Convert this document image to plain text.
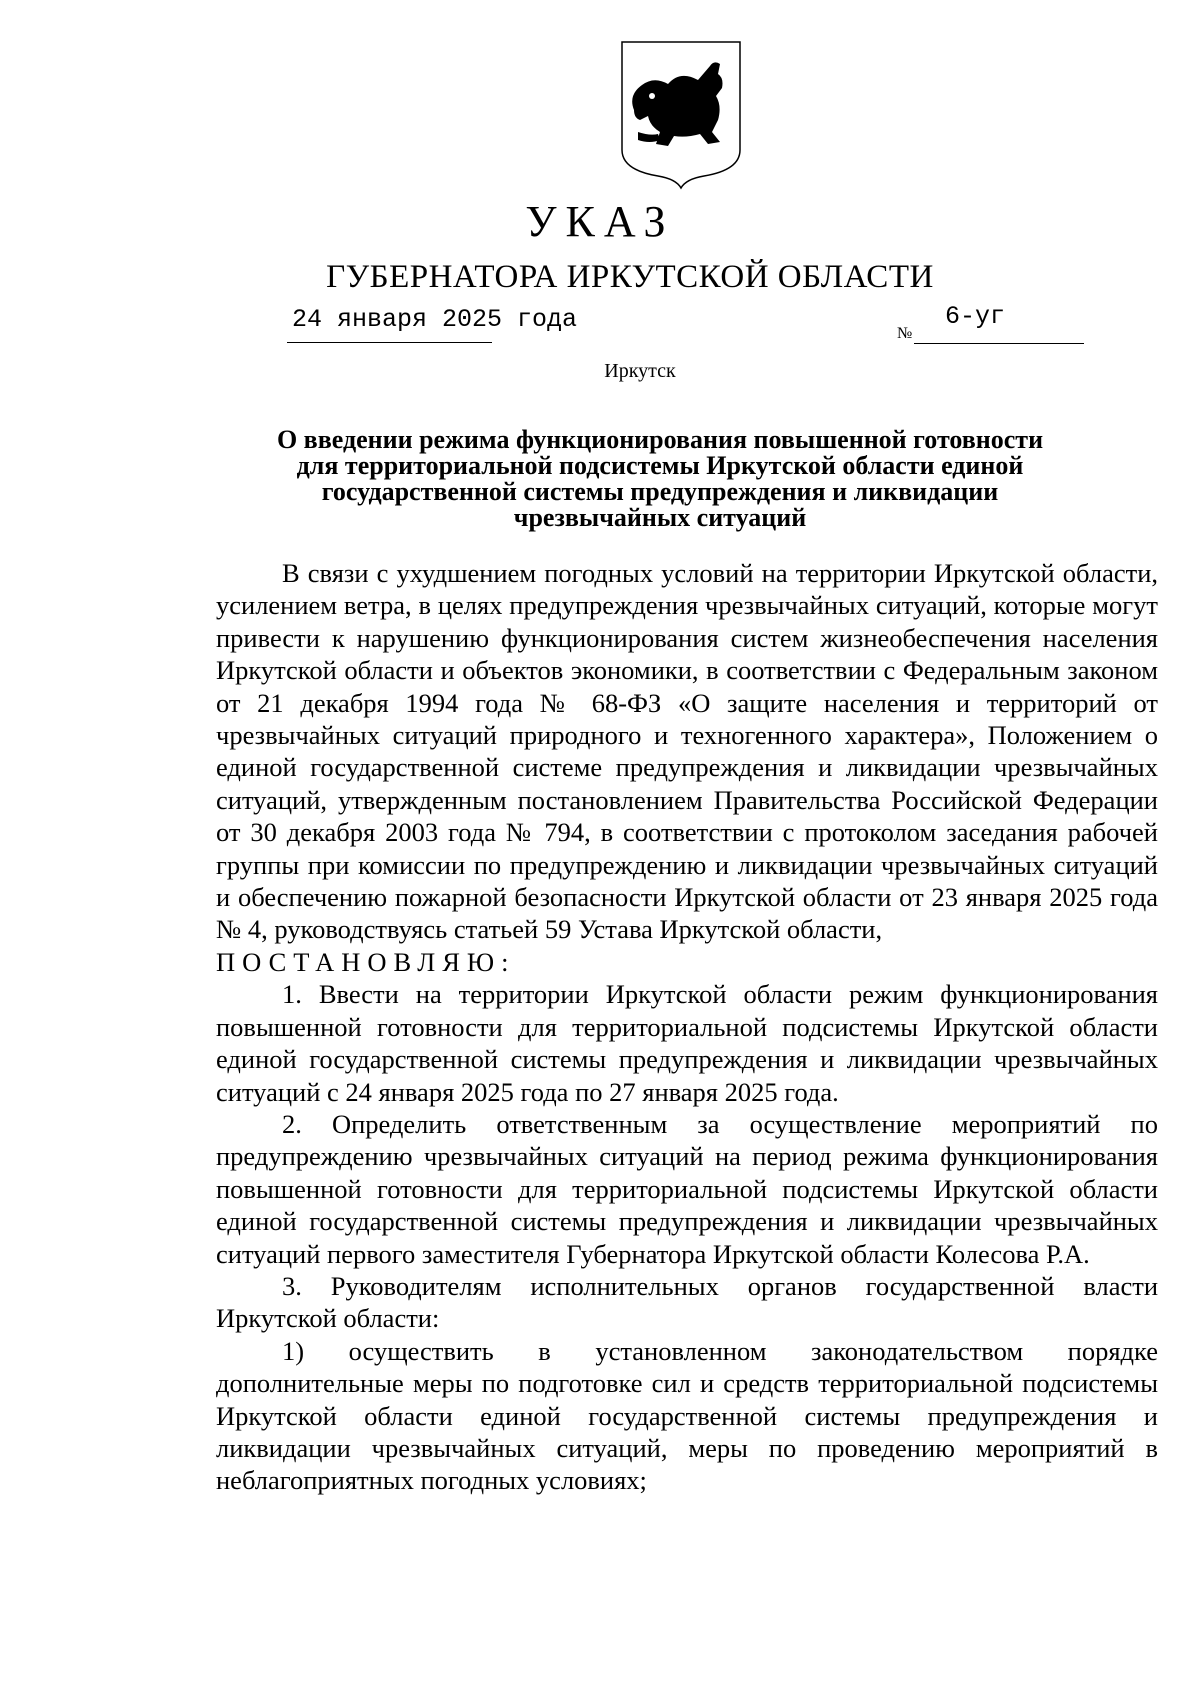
УКАЗ
ГУБЕРНАТОРА ИРКУТСКОЙ ОБЛАСТИ
24 января 2025 года	№
6-уг
Иркутск
О введении режима функционирования повышенной готовности
для территориальной подсистемы Иркутской области единой
государственной системы предупреждения и ликвидации
чрезвычайных ситуаций

В связи с ухудшением погодных условий на территории Иркутской области, усилением ветра, в целях предупреждения чрезвычайных ситуаций, которые могут привести к нарушению функционирования систем жизнеобеспечения населения Иркутской области и объектов экономики, в соответствии с Федеральным законом от 21 декабря 1994 года № 68-ФЗ «О защите населения и территорий от чрезвычайных ситуаций природного и техногенного характера», Положением о единой государственной системе предупреждения и ликвидации чрезвычайных ситуаций, утвержденным постановлением Правительства Российской Федерации от 30 декабря 2003 года № 794, в соответствии с протоколом заседания рабочей группы при комиссии по предупреждению и ликвидации чрезвычайных ситуаций и обеспечению пожарной безопасности Иркутской области от 23 января 2025 года № 4, руководствуясь статьей 59 Устава Иркутской области,

ПОСТАНОВЛЯЮ:

1. Ввести на территории Иркутской области режим функционирования повышенной готовности для территориальной подсистемы Иркутской области единой государственной системы предупреждения и ликвидации чрезвычайных ситуаций с 24 января 2025 года по 27 января 2025 года.

2. Определить ответственным за осуществление мероприятий по предупреждению чрезвычайных ситуаций на период режима функционирования повышенной готовности для территориальной подсистемы Иркутской области единой государственной системы предупреждения и ликвидации чрезвычайных ситуаций первого заместителя Губернатора Иркутской области Колесова Р.А.

3. Руководителям исполнительных органов государственной власти Иркутской области:

1) осуществить в установленном законодательством порядке дополнительные меры по подготовке сил и средств территориальной подсистемы Иркутской области единой государственной системы предупреждения и ликвидации чрезвычайных ситуаций, меры по проведению мероприятий в неблагоприятных погодных условиях;
